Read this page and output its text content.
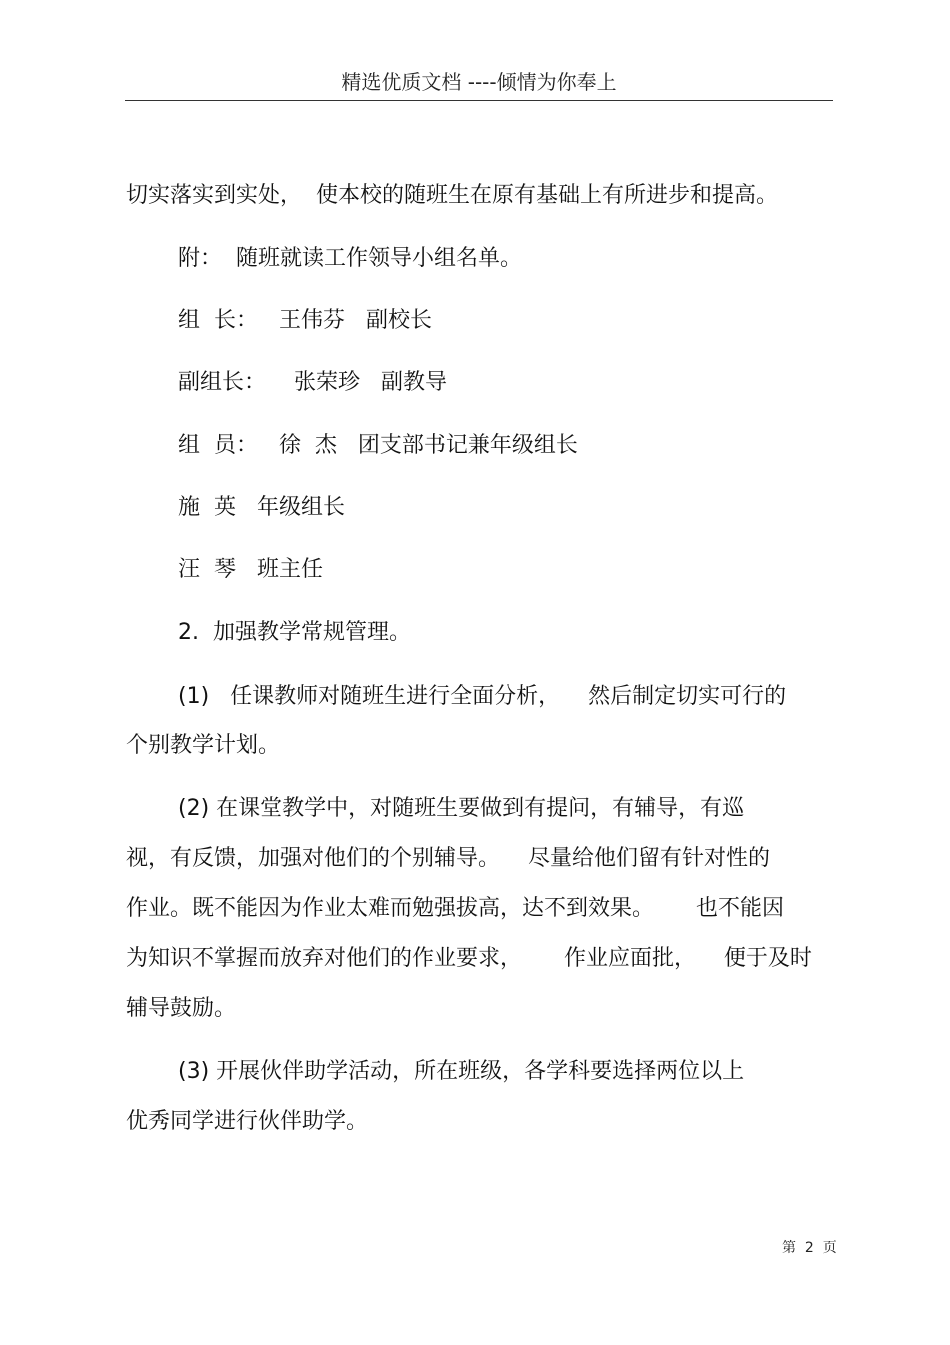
精选优质文档 ----倾情为你奉上
切实落实到实处，  使本校的随班生在原有基础上有所进步和提高。
附：  随班就读工作领导小组名单。
组  长：   王伟芬   副校长
副组长：    张荣珍   副教导
组  员：   徐  杰   团支部书记兼年级组长
施  英   年级组长
汪  琴   班主任
2.  加强教学常规管理。
(1)   任课教师对随班生进行全面分析，    然后制定切实可行的
个别教学计划。
(2) 在课堂教学中，对随班生要做到有提问，有辅导，有巡
视，有反馈，加强对他们的个别辅导。    尽量给他们留有针对性的
作业。既不能因为作业太难而勉强拔高，达不到效果。      也不能因
为知识不掌握而放弃对他们的作业要求，      作业应面批，    便于及时
辅导鼓励。
(3) 开展伙伴助学活动，所在班级，各学科要选择两位以上
优秀同学进行伙伴助学。
第  2  页
